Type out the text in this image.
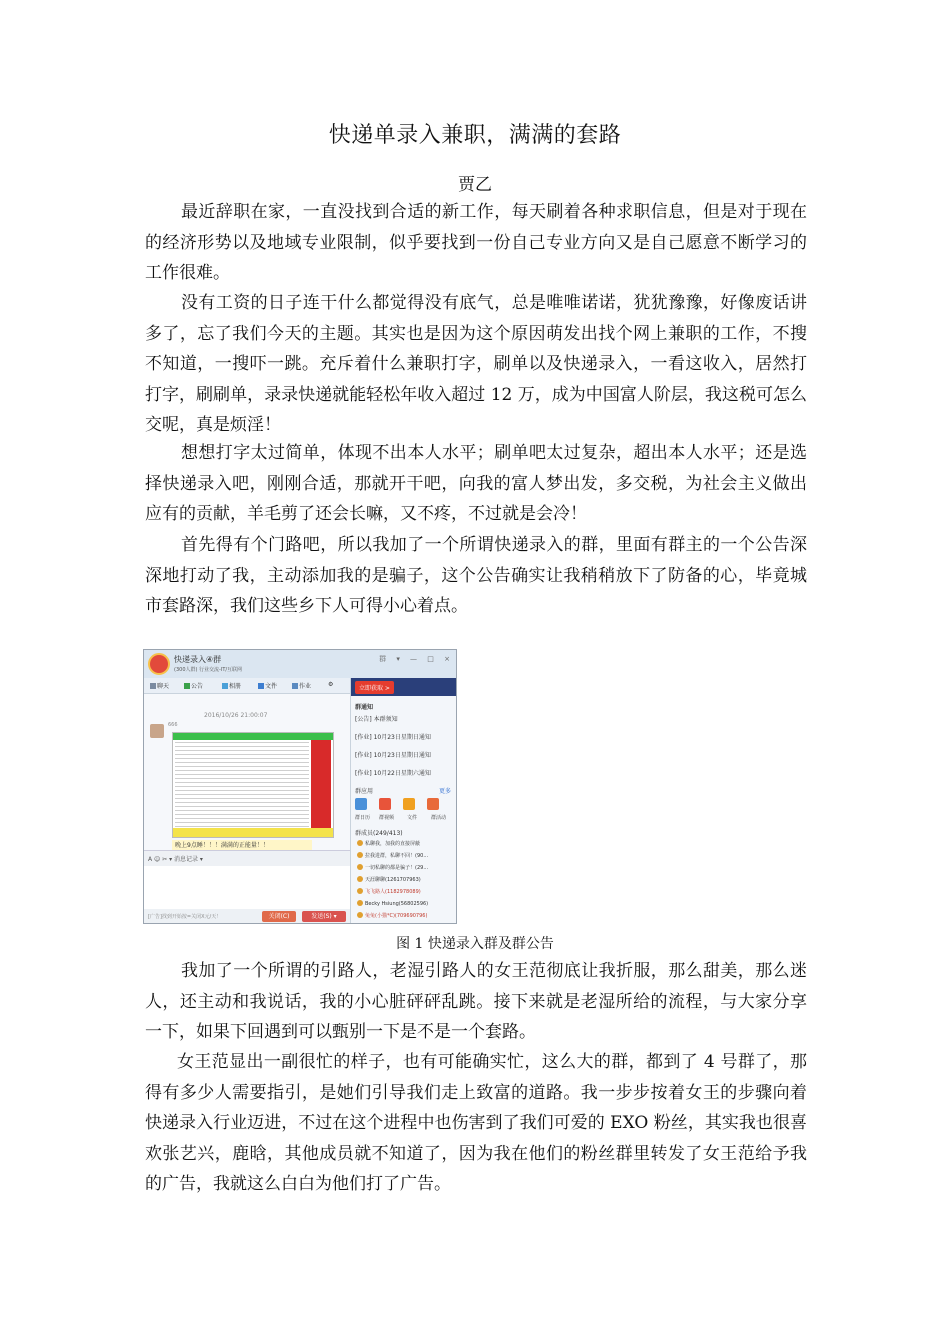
快递单录入兼职，满满的套路
贾乙

最近辞职在家，一直没找到合适的新工作，每天刷着各种求职信息，但是对于现在的经济形势以及地域专业限制，似乎要找到一份自己专业方向又是自己愿意不断学习的工作很难。

没有工资的日子连干什么都觉得没有底气，总是唯唯诺诺，犹犹豫豫，好像废话讲多了，忘了我们今天的主题。其实也是因为这个原因萌发出找个网上兼职的工作，不搜不知道，一搜吓一跳。充斥着什么兼职打字，刷单以及快递录入，一看这收入，居然打打字，刷刷单，录录快递就能轻松年收入超过 12 万，成为中国富人阶层，我这税可怎么交呢，真是烦淫！

想想打字太过简单，体现不出本人水平；刷单吧太过复杂，超出本人水平；还是选择快递录入吧，刚刚合适，那就开干吧，向我的富人梦出发，多交税，为社会主义做出应有的贡献，羊毛剪了还会长嘛，又不疼，不过就是会冷！

首先得有个门路吧，所以我加了一个所谓快递录入的群，里面有群主的一个公告深深地打动了我，主动添加我的是骗子，这个公告确实让我稍稍放下了防备的心，毕竟城市套路深，我们这些乡下人可得小心着点。

快递录入④群
(300人群) 行业交流-IT/互联网
群 ▾ — □ ×
聊天	公告	相册	文件	作业	⚙
2016/10/26 21:00:07
666
晚上9点睡！！！满满的正能量！！
A ☺ ✂ ▾ 消息记录 ▾
[广告]找到开始按=关闭X元/天！	关闭(C)	发送(S) ▾
立即获取 >
群通知
[公告] 本群须知
[作业] 10月23日星期日通知
[作业] 10月23日星期日通知
[作业] 10月22日星期六通知
群应用	更多
群日历 群视频	文件	群活动
群成员(249/413)
私聊我，加我的直接屏蔽
拉我进群，私聊不回！(90...
一切私聊的都是骗子！(29...
天涯聊聊(1261707963)
飞飞路人(1182978089)
Becky Hsiung(56802596)
兔兔(小猫*C)(709690796)
图 1 快递录入群及群公告

我加了一个所谓的引路人，老湿引路人的女王范彻底让我折服，那么甜美，那么迷人，还主动和我说话，我的小心脏砰砰乱跳。接下来就是老湿所给的流程，与大家分享一下，如果下回遇到可以甄别一下是不是一个套路。

女王范显出一副很忙的样子，也有可能确实忙，这么大的群，都到了 4 号群了，那得有多少人需要指引，是她们引导我们走上致富的道路。我一步步按着女王的步骤向着快递录入行业迈进，不过在这个进程中也伤害到了我们可爱的 EXO 粉丝，其实我也很喜欢张艺兴，鹿晗，其他成员就不知道了，因为我在他们的粉丝群里转发了女王范给予我的广告，我就这么白白为他们打了广告。
